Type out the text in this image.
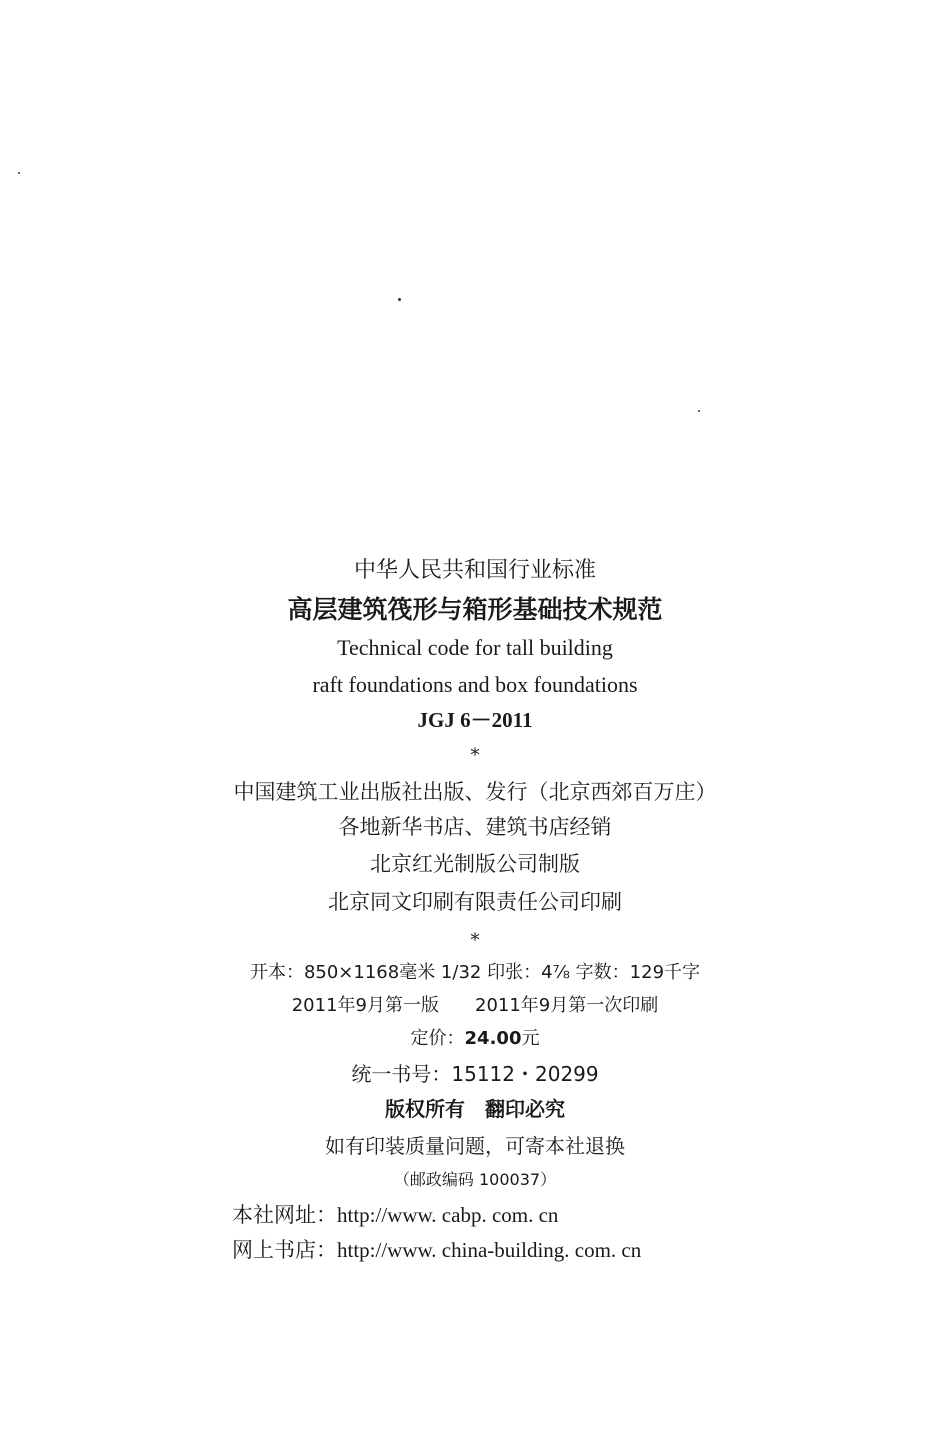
中华人民共和国行业标准
高层建筑筏形与箱形基础技术规范
Technical code for tall building
raft foundations and box foundations
JGJ 6－2011
*
中国建筑工业出版社出版、发行（北京西郊百万庄）
各地新华书店、建筑书店经销
北京红光制版公司制版
北京同文印刷有限责任公司印刷
*
开本：850×1168毫米 1/32 印张：4⅞ 字数：129千字
2011年9月第一版　　2011年9月第一次印刷
定价：24.00元
统一书号：15112・20299
版权所有　翻印必究
如有印装质量问题，可寄本社退换
（邮政编码 100037）
本社网址：http://www. cabp. com. cn
网上书店：http://www. china-building. com. cn
